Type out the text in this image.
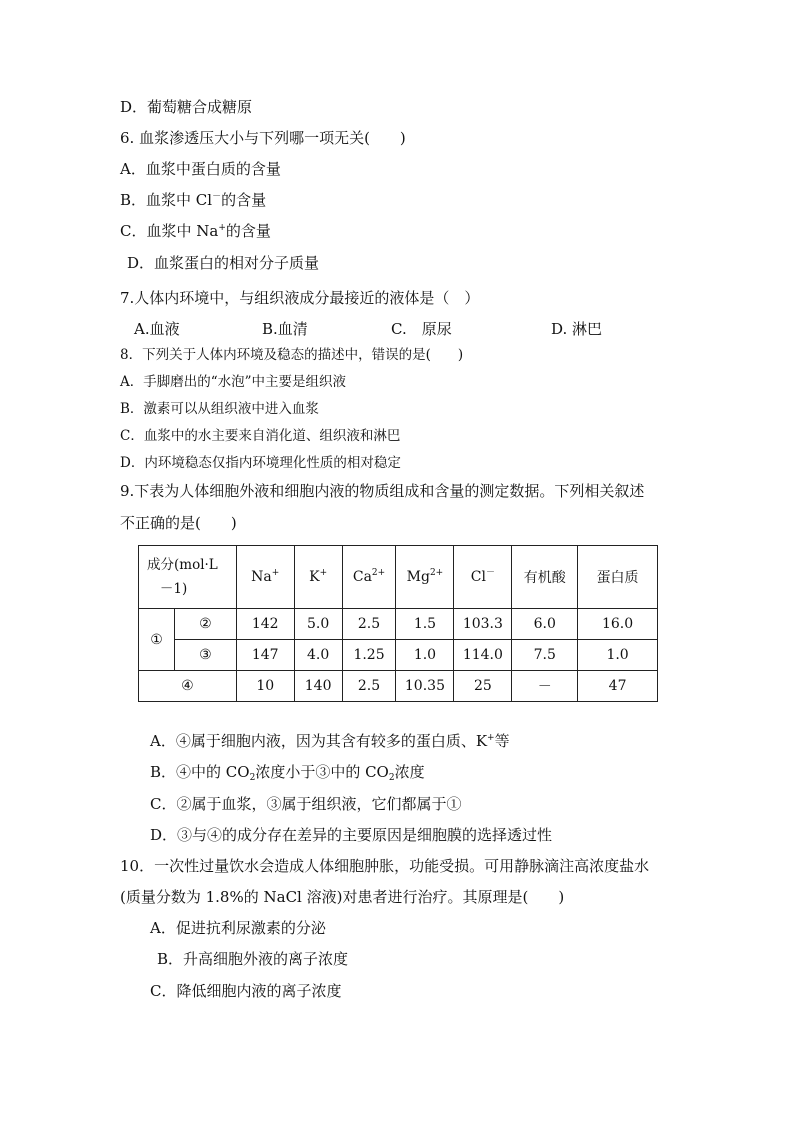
D．葡萄糖合成糖原
6. 血浆渗透压大小与下列哪一项无关(　　)
A．血浆中蛋白质的含量
B．血浆中 Cl－的含量
C．血浆中 Na+的含量
D．血浆蛋白的相对分子质量
7.人体内环境中，与组织液成分最接近的液体是（　）
A.血液	B.血清	C.　原尿	D. 淋巴
8．下列关于人体内环境及稳态的描述中，错误的是(　　)
A．手脚磨出的“水泡”中主要是组织液
B．激素可以从组织液中进入血浆
C．血浆中的水主要来自消化道、组织液和淋巴
D．内环境稳态仅指内环境理化性质的相对稳定
9.下表为人体细胞外液和细胞内液的物质组成和含量的测定数据。下列相关叙述
不正确的是(　　)
成分(mol·L
－1)		Na+	K+	$Ca^{2+}$	$Mg^{2+}$	Cl－	有机酸	蛋白质
①	②	142	5.0	2.5	1.5	103.3	6.0	16.0
	③	147	4.0	1.25	1.0	114.0	7.5	1.0
④		10	140	2.5	10.35	25	－	47
A．④属于细胞内液，因为其含有较多的蛋白质、K+等
B．④中的 $CO_2$浓度小于③中的 $CO_2$浓度
C．②属于血浆，③属于组织液，它们都属于①
D．③与④的成分存在差异的主要原因是细胞膜的选择透过性
10．一次性过量饮水会造成人体细胞肿胀，功能受损。可用静脉滴注高浓度盐水
(质量分数为 1.8%的 NaCl 溶液)对患者进行治疗。其原理是(　　)
A．促进抗利尿激素的分泌
B．升高细胞外液的离子浓度
C．降低细胞内液的离子浓度
